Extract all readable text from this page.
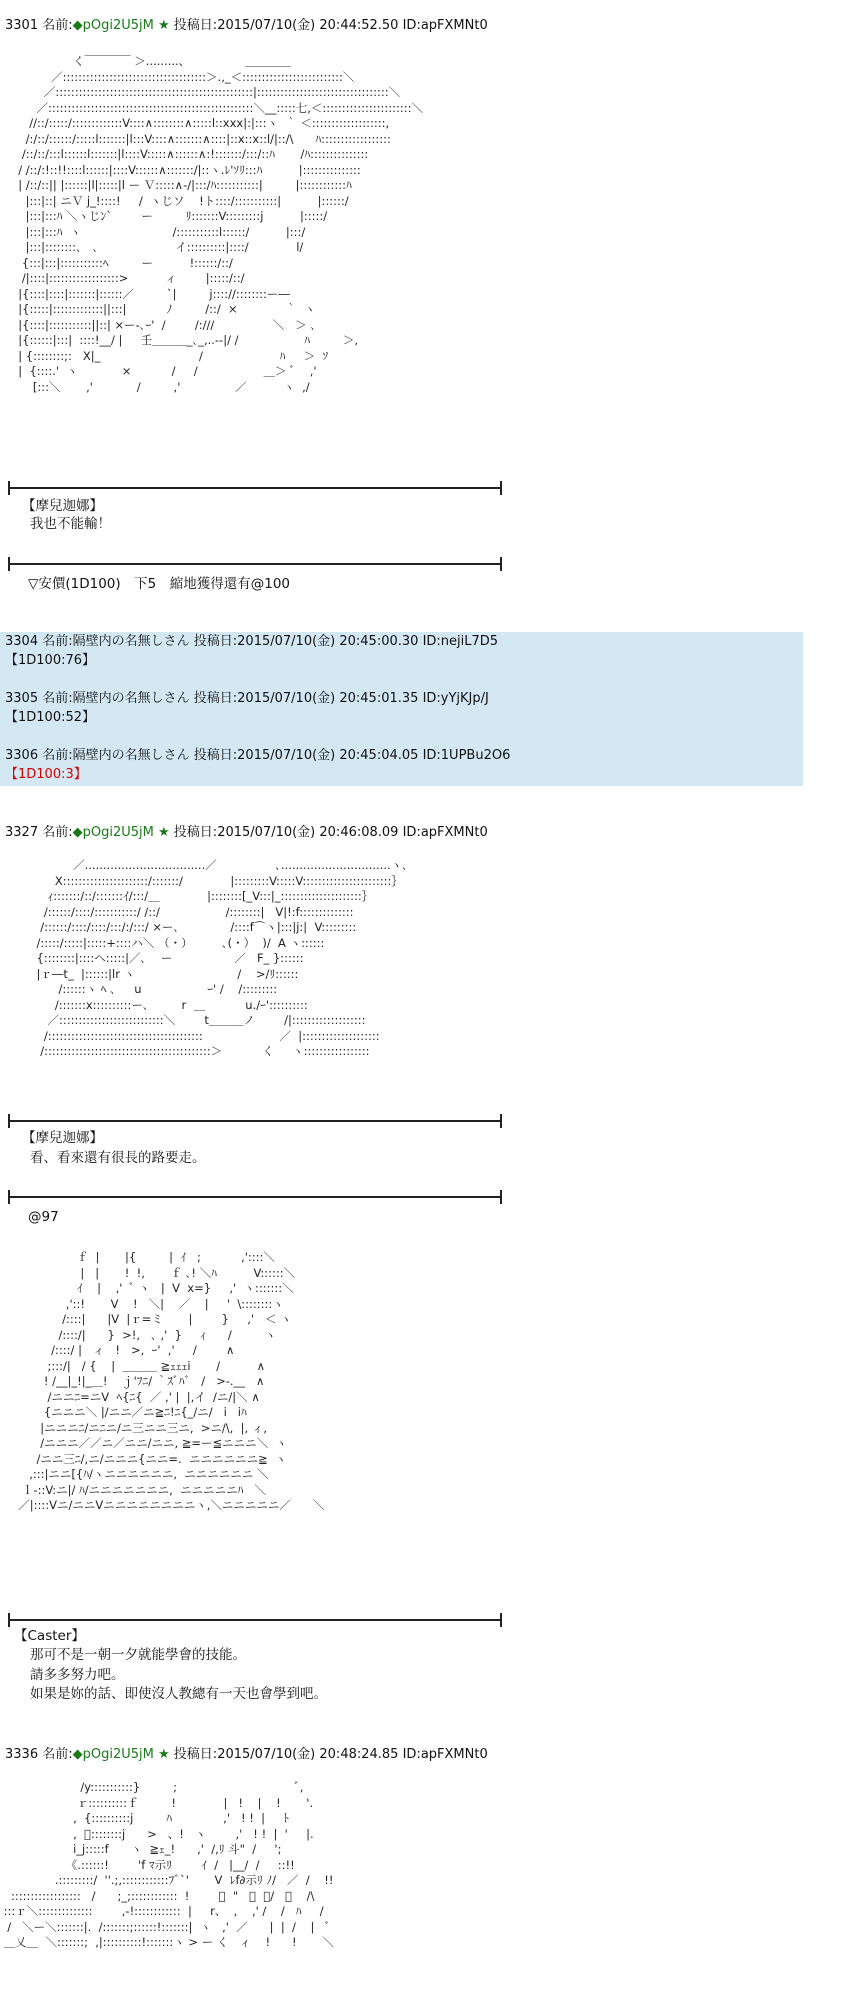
3301 名前:◆pOgi2U5jM ★ 投稿日:2015/07/10(金) 20:44:52.50 ID:apFXMNt0
く￣￣￣￣ ＞.........、               ＿＿＿＿
／:::::::::::::::::::::::::::::::::::::＞.,_＜::::::::::::::::::::::::::＼
／:::::::::::::::::::::::::::::::::::::::::::::::::::|::::::::::::::::::::::::::::::::::＼
／:::::::::::::::::::::::::::::::::::::::::::::::::::::＼__:::::七,＜:::::::::::::::::::::::＼
//::/:::::/:::::::::::::V::::∧::::::::∧:::::l::xxx|:|:::ヽ  ｀ ＜:::::::::::::::::::,
/:/::/::::::/:::::l:::::::|l:::V::::∧:::::::∧::::|::x::x::l/|::/\      ﾊ::::::::::::::::::
/::/::/:::l::::::l:::::::|l::::V:::::∧::::::∧:!:::::::/:::/::ﾊ       /ﾊ:::::::::::::::
/ /::/:!::!!::::l::::::|::::V::::::∧:::::::/|::ヽ.ﾚ'ｿﾘ:::ﾊ          |:::::::::::::::
| /::/::|| |::::::|l|:::::|l ー Ｖ:::::∧-/|:::/ﾊ:::::::::::|         |::::::::::::ﾊ
|:::|::| ニＶ j_!::::!     /  ヽじソ    !ト::::/:::::::::::|          |::::::/
|:::|:::ﾊ ＼ヽじﾝ`        ー         ﾘ:::::::V:::::::::j          |:::::/
|:::|:::ﾊ  ヽ                         /:::::::::::l::::::/          |:::/
|:::|::::::::､   ､                     イ::::::::::|::::/             l/
{:::|:::|:::::::::::ﾍ         ー          !::::::/::/
/|::::|::::::::::::::::::>          ィ        |:::::/::/
|{::::|::::|:::::::|::::::／         `|         j:::://::::::::ー―
|{:::::|:::::::::::::||:::|           ﾉ         /::/  ×             ｀  ヽ
|{::::|:::::::::::||::| ×ー-､ｰ'  /        /:///                ＼   ＞ ､
|{::::::|:::|  ::::!__/ |     壬＿＿＿_､_,..-‐|/ /                  ﾊ         ＞,
| {::::::::;:   X|_                           /                     ﾊ     ＞  ｿ
|  {::::.'  ヽ            ×           /     /                  ＿＞ ﾞ    ,'
[:::＼       ,'            /         ,'               ／          ヽ  ,/
【摩兒迦娜】
我也不能輸！
▽安價(1D100)　下5　縮地獲得還有@100
3304 名前:隔壁内の名無しさん 投稿日:2015/07/10(金) 20:45:00.30 ID:nejiL7D5
【1D100:76】
3305 名前:隔壁内の名無しさん 投稿日:2015/07/10(金) 20:45:01.35 ID:yYjKJp/J
【1D100:52】
3306 名前:隔壁内の名無しさん 投稿日:2015/07/10(金) 20:45:04.05 ID:1UPBu2O6
【1D100:3】
3327 名前:◆pOgi2U5jM ★ 投稿日:2015/07/10(金) 20:46:08.09 ID:apFXMNt0
／.................................／                ､..............................ヽ､
X::::::::::::::::::::::/:::::::/             |:::::::::V:::::V:::::::::::::::::::::::｝
ｨ:::::::/::/:::::::ｲ/:::/＿             |::::::::[_V:::|_:::::::::::::::::::::｝
/::::::/::::/:::::::::::/ /::/                  /::::::::|   V|!:f::::::::::::::
/::::::/::::/::::/:::/:/:::/ ×ー､              /::::f⌒ヽ|:::|j:|  V:::::::::
/:::::/:::::|:::::+::::ハ＼ （・）        ､(・）  )/  A ヽ::::::
{::::::::|::::ヘ:::::|／､    ー                 ／   F_ }::::::
|ｒ―t_  |::::::|lr ヽ                            /    >/ﾘ::::::
/::::::ヽ ﾍ ､     u                  ｰ' /    /:::::::::
/:::::::x::::::::::ー､         r  ＿           u./ｰ'::::::::::
／:::::::::::::::::::::::::::＼        t＿＿＿ノ        /|:::::::::::::::::::
/::::::::::::::::::::::::::::::::::::::::                     ／  |::::::::::::::::::::
/:::::::::::::::::::::::::::::::::::::::::::＞           く     ヽ:::::::::::::::::
【摩兒迦娜】
看、看來還有很長的路要走。
@97
ｆ  |       |{         |  ｲ   ;           ,'::::＼
|   |       !  !,       ｆ ､! ＼ﾊ          V::::::＼
ｲ    |    ,'  ﾞ ヽ   |  V  x=}     ,'  ヽ:::::::＼
,'::!       V    !   ＼|    ／    |     '  \::::::::ヽ
/::::|      |V  |ｒ=ミ       |        }     ,'   ＜ ヽ
/::::/|      }  >!,   ､ ,'  }     ｨ      /         ヽ
/::::/ |   ィ   !   >,  ｰ'  ,'     /        ∧
;:::/|   / {    |  ＿＿＿ ≧ｪｪｪi       /          ∧
! /__|_!|_＿!    ｊ'ﾌﾆ/ ｀ｽﾞﾊﾞ   /   >-.__   ∧
/ニニﾆ=ニV  ﾍ{ﾆ{  ／ ,' |  |,イ  /ニ/|＼ ∧
{ニニニ＼ |/ニニ／ニ≧ﾆ!ﾆ{_/ニ/   i   iﾊ
|ニニニﾆ/ニﾆニ/ニ三ニニ三ニ,  >ニ/\,  |, ィ,
/ニニニ／／ニ／ニニ/ニニ, ≧=ー≦ニニニ＼  ヽ
/ニニ三ﾆ/,ニ/ニニニ{ニニ=.  ニニニニニニ≧  ヽ
,:::|ニニ[{ﾊ/ヽニニニニニニ,  ニニニニニニ ＼
ｌ-::V:ニ|/ ﾊ/ニニニニニニニ,  ニニニニニﾊ   ＼
／|::::Vニ/ニニVニニニニニニニニヽ,＼ニニニニニ／      ＼
【Caster】
那可不是一朝一夕就能學會的技能。
請多多努力吧。
如果是妳的話、即使沒人教總有一天也會學到吧。
3336 名前:◆pOgi2U5jM ★ 投稿日:2015/07/10(金) 20:48:24.85 ID:apFXMNt0
/y:::::::::::}         ;                                ﾞ,
ｒ::::::::::ｆ         !             |   !    |    !       '.
,  {::::::::::j         ﾊ              ,'   ! !  |     ﾄ
,  ﾞ::::::::j      >   、!   ヽ        ,'   ! !  |  '     |.
i_j:::::f      ヽ  ≧ｪ_!      ,'  /,ﾘ 斗"  /     ';
《.::::::!        'f ﾏ示ﾘ        ｲ  /   |__/  /     ::!!
.:::::::::/  ''.;,::::::::::::ﾌﾞ`'       V  ﾚf∂示ﾘ ﾉ/   ／  /    !!
::::::::::::::::::   /      ;_;::::::::::::  !        ﾞ  "   ﾞ  ﾞ/   ／    /\
:::ｒ＼::::::::::::::        ,-!::::::::::::  |     r、  ,    ,' /    /   ﾊ     /
/   ＼ー＼:::::::|.  /:::::::;::::::!:::::::|  ヽ   ,'  ／      |  |  /    |   ﾞ
＿乂＿  ＼:::::::;  ,|::::::::::!:::::::ヽ > ー く   ィ    !      !       ＼
